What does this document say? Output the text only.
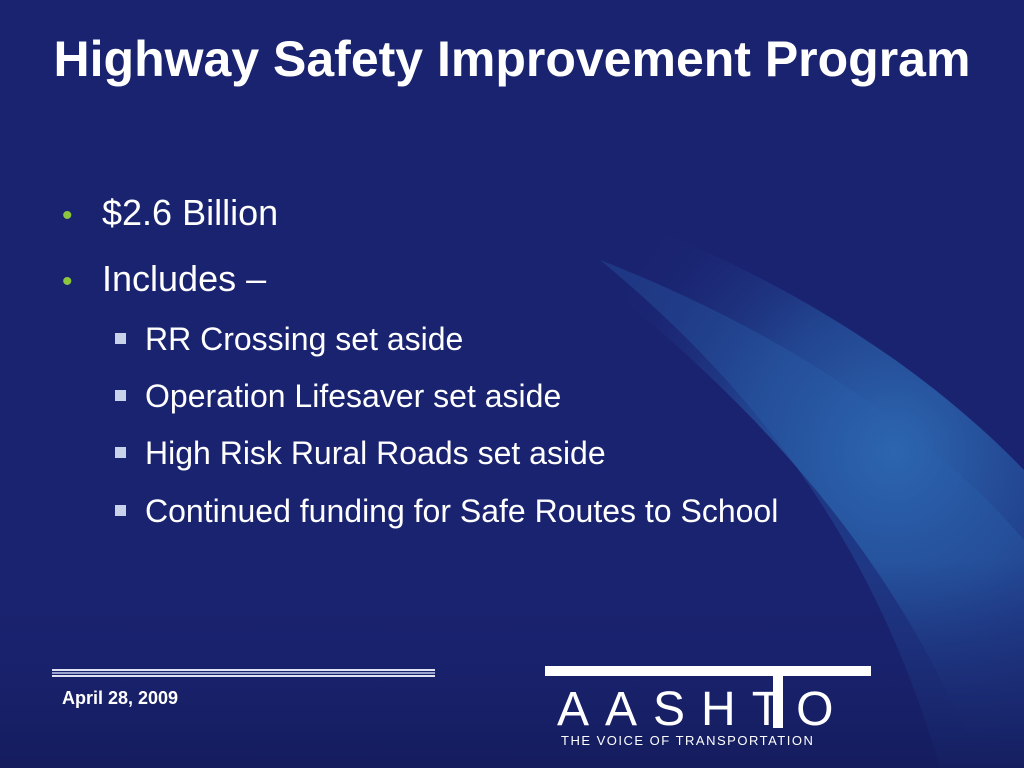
Highway Safety Improvement Program
• $2.6 Billion
• Includes –
RR Crossing set aside
Operation Lifesaver set aside
High Risk Rural Roads set aside
Continued funding for Safe Routes to School
April 28, 2009	AASHTO
THE VOICE OF TRANSPORTATION
